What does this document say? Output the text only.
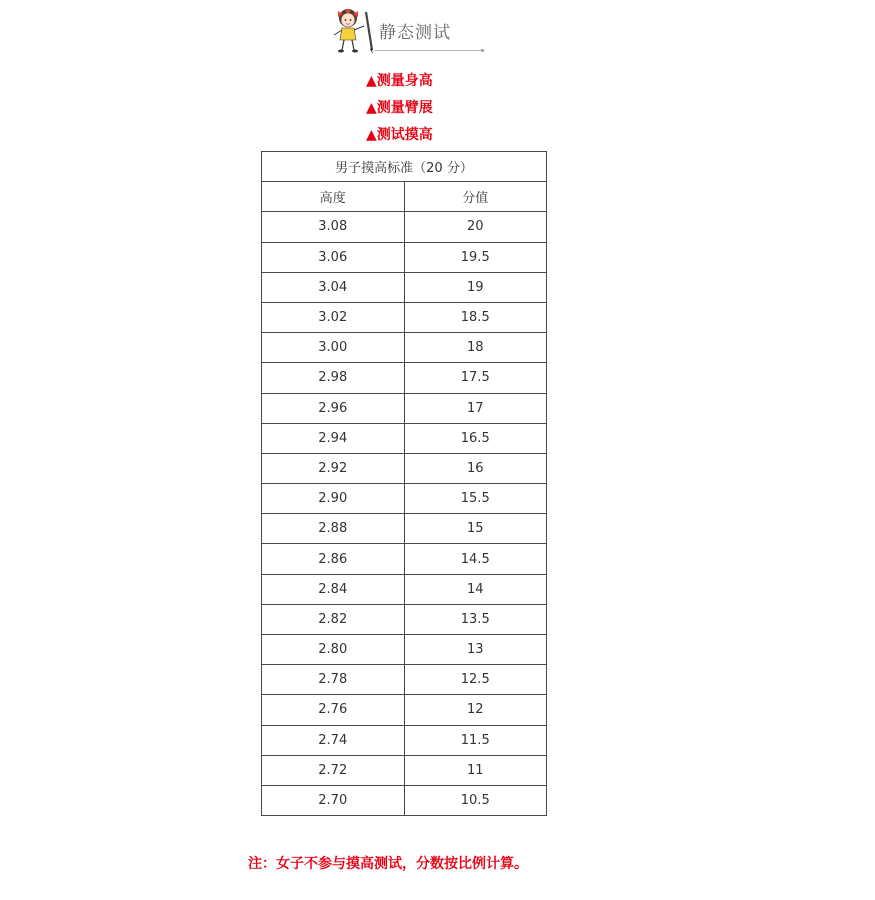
静态测试
▲测量身高
▲测量臂展
▲测试摸高
男子摸高标准（20 分）	
高度	分值
3.08	20
3.06	19.5
3.04	19
3.02	18.5
3.00	18
2.98	17.5
2.96	17
2.94	16.5
2.92	16
2.90	15.5
2.88	15
2.86	14.5
2.84	14
2.82	13.5
2.80	13
2.78	12.5
2.76	12
2.74	11.5
2.72	11
2.70	10.5
注：女子不参与摸高测试，分数按比例计算。
